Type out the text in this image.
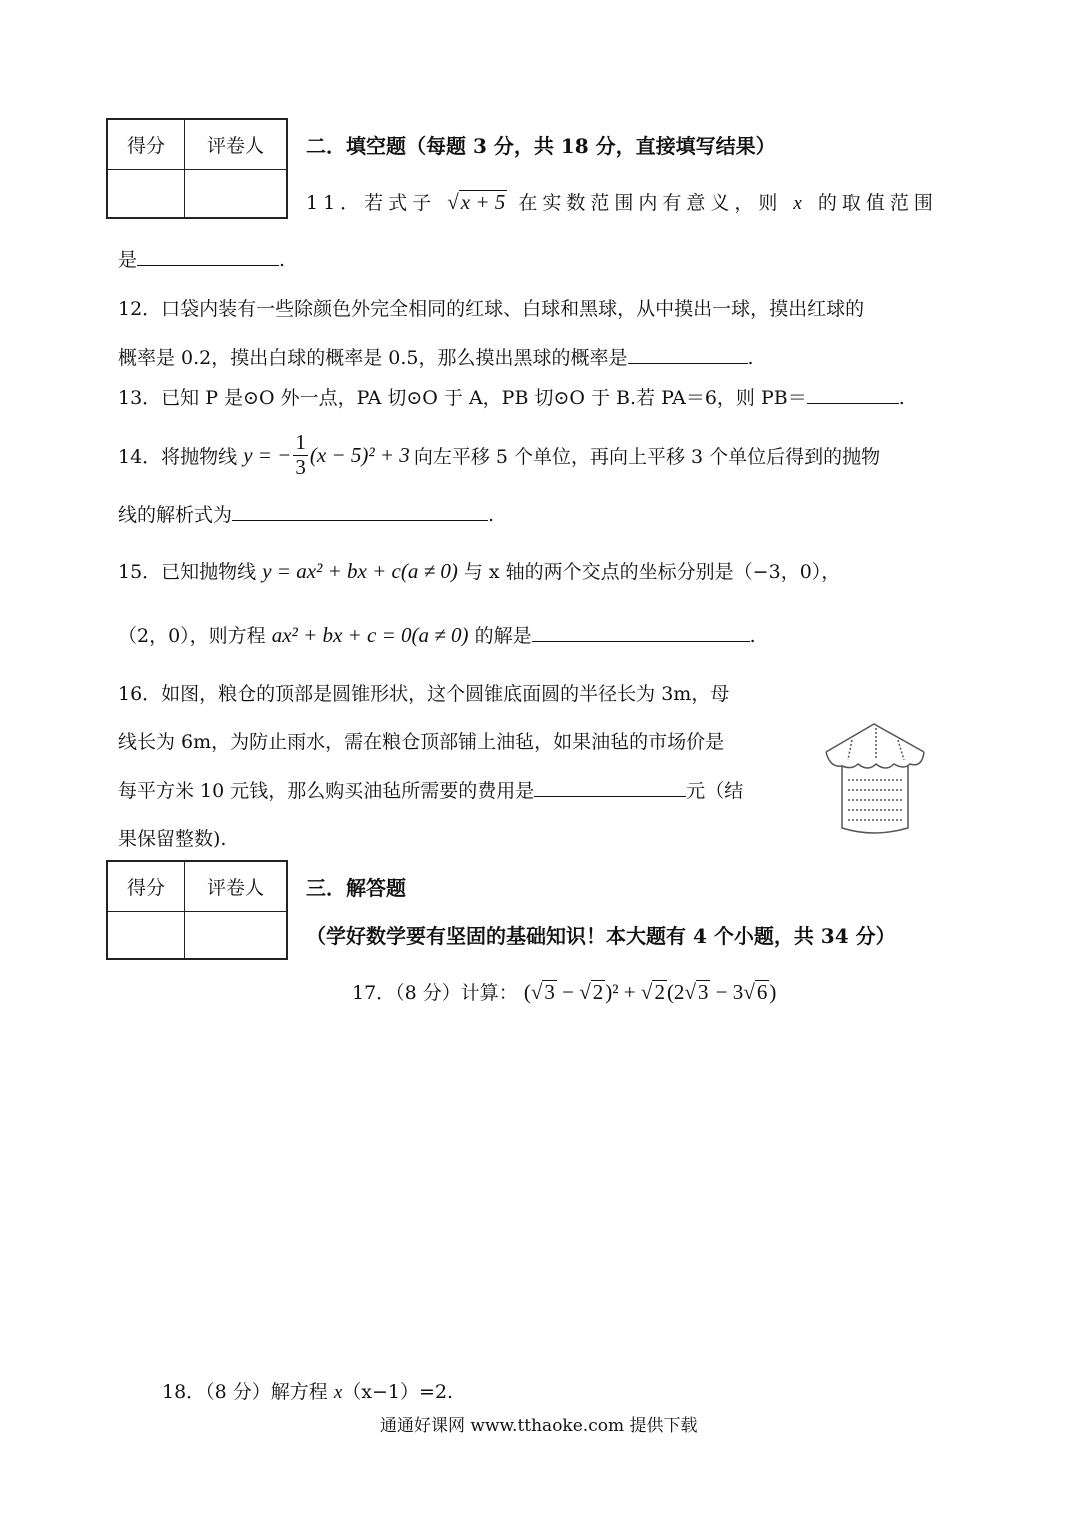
得分	评卷人
	二．填空题（每题 3 分，共 18 分，直接填写结果）
11．若式子 √x + 5 在实数范围内有意义，则 x 的取值范围
是	.
12．口袋内装有一些除颜色外完全相同的红球、白球和黑球，从中摸出一球，摸出红球的
概率是 0.2，摸出白球的概率是 0.5，那么摸出黑球的概率是	.
13．已知 P 是⊙O 外一点，PA 切⊙O 于 A，PB 切⊙O 于 B.若 PA＝6，则 PB＝	.
14．将抛物线 y = − $\frac{1}{3} (x - 5)^2 + 3$ 向左平移 5 个单位，再向上平移 3 个单位后得到的抛物
线的解析式为	.
15．已知抛物线 y = ax² + bx + c(a ≠ 0) 与 x 轴的两个交点的坐标分别是（−3，0），
（2，0），则方程 ax² + bx + c = 0(a ≠ 0) 的解是	.
16．如图，粮仓的顶部是圆锥形状，这个圆锥底面圆的半径长为 3m，母
线长为 6m，为防止雨水，需在粮仓顶部铺上油毡，如果油毡的市场价是
每平方米 10 元钱，那么购买油毡所需要的费用是	元（结
果保留整数).
得分	评卷人
	三．解答题
（学好数学要有坚固的基础知识！本大题有 4 个小题，共 34 分）
17．（8 分）计算： (√3 − √2)² + √2(2√3 − 3√6)
18．（8 分）解方程 x（x−1）=2.
通通好课网 www.tthaoke.com 提供下载
